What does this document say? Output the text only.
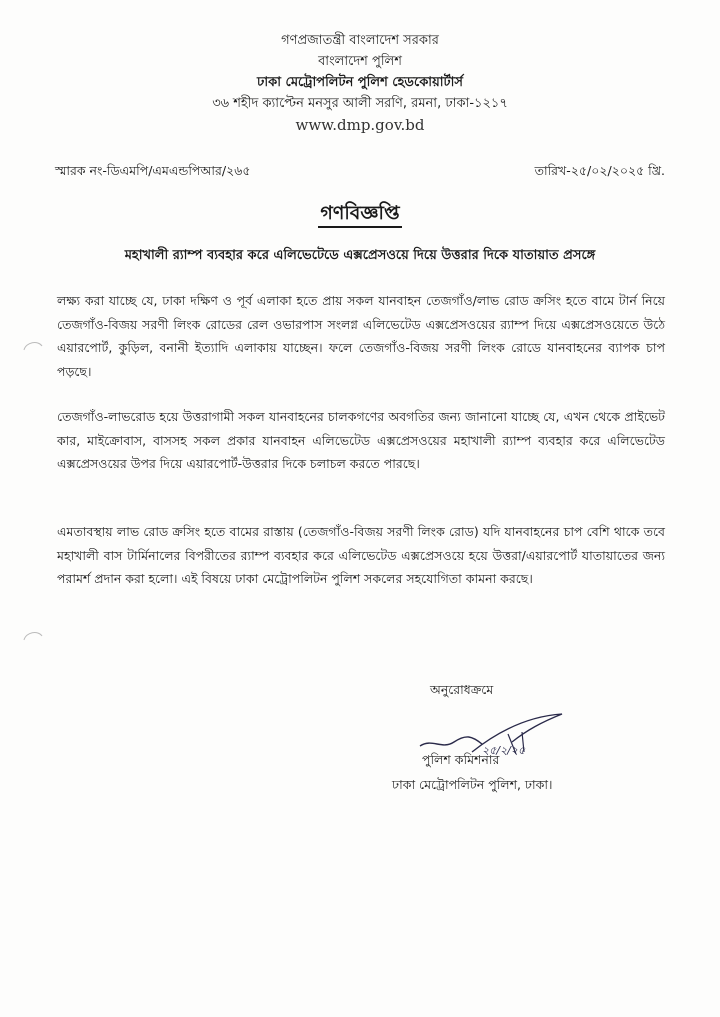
গণপ্রজাতন্ত্রী বাংলাদেশ সরকার
বাংলাদেশ পুলিশ
ঢাকা মেট্রোপলিটন পুলিশ হেডকোয়ার্টার্স
৩৬ শহীদ ক্যাপ্টেন মনসুর আলী সরণি, রমনা, ঢাকা-১২১৭
www.dmp.gov.bd
স্মারক নং-ডিএমপি/এমএন্ডপিআর/২৬৫	তারিখ-২৫/০২/২০২৫ খ্রি.
গণবিজ্ঞপ্তি
মহাখালী র‍্যাম্প ব্যবহার করে এলিভেটেডে এক্সপ্রেসওয়ে দিয়ে উত্তরার দিকে যাতায়াত প্রসঙ্গে
লক্ষ্য করা যাচ্ছে যে, ঢাকা দক্ষিণ ও পূর্ব এলাকা হতে প্রায় সকল যানবাহন তেজগাঁও/লাভ রোড ক্রসিং হতে বামে টার্ন নিয়ে তেজগাঁও-বিজয় সরণী লিংক রোডের রেল ওভারপাস সংলগ্ন এলিভেটেড এক্সপ্রেসওয়ের র‍্যাম্প দিয়ে এক্সপ্রেসওয়েতে উঠে এয়ারপোর্ট, কুড়িল, বনানী ইত্যাদি এলাকায় যাচ্ছেন। ফলে তেজগাঁও-বিজয় সরণী লিংক রোডে যানবাহনের ব্যাপক চাপ পড়ছে।
তেজগাঁও-লাভরোড হয়ে উত্তরাগামী সকল যানবাহনের চালকগণের অবগতির জন্য জানানো যাচ্ছে যে, এখন থেকে প্রাইভেট কার, মাইক্রোবাস, বাসসহ সকল প্রকার যানবাহন এলিভেটেড এক্সপ্রেসওয়ের মহাখালী র‍্যাম্প ব্যবহার করে এলিভেটেড এক্সপ্রেসওয়ের উপর দিয়ে এয়ারপোর্ট-উত্তরার দিকে চলাচল করতে পারছে।
এমতাবস্থায় লাভ রোড ক্রসিং হতে বামের রাস্তায় (তেজগাঁও-বিজয় সরণী লিংক রোড) যদি যানবাহনের চাপ বেশি থাকে তবে মহাখালী বাস টার্মিনালের বিপরীতের র‍্যাম্প ব্যবহার করে এলিভেটেড এক্সপ্রেসওয়ে হয়ে উত্তরা/এয়ারপোর্ট যাতায়াতের জন্য পরামর্শ প্রদান করা হলো। এই বিষয়ে ঢাকা মেট্রোপলিটন পুলিশ সকলের সহযোগিতা কামনা করছে।
অনুরোধক্রমে
২৫/২/২৫
পুলিশ কমিশনার
ঢাকা মেট্রোপলিটন পুলিশ, ঢাকা।
